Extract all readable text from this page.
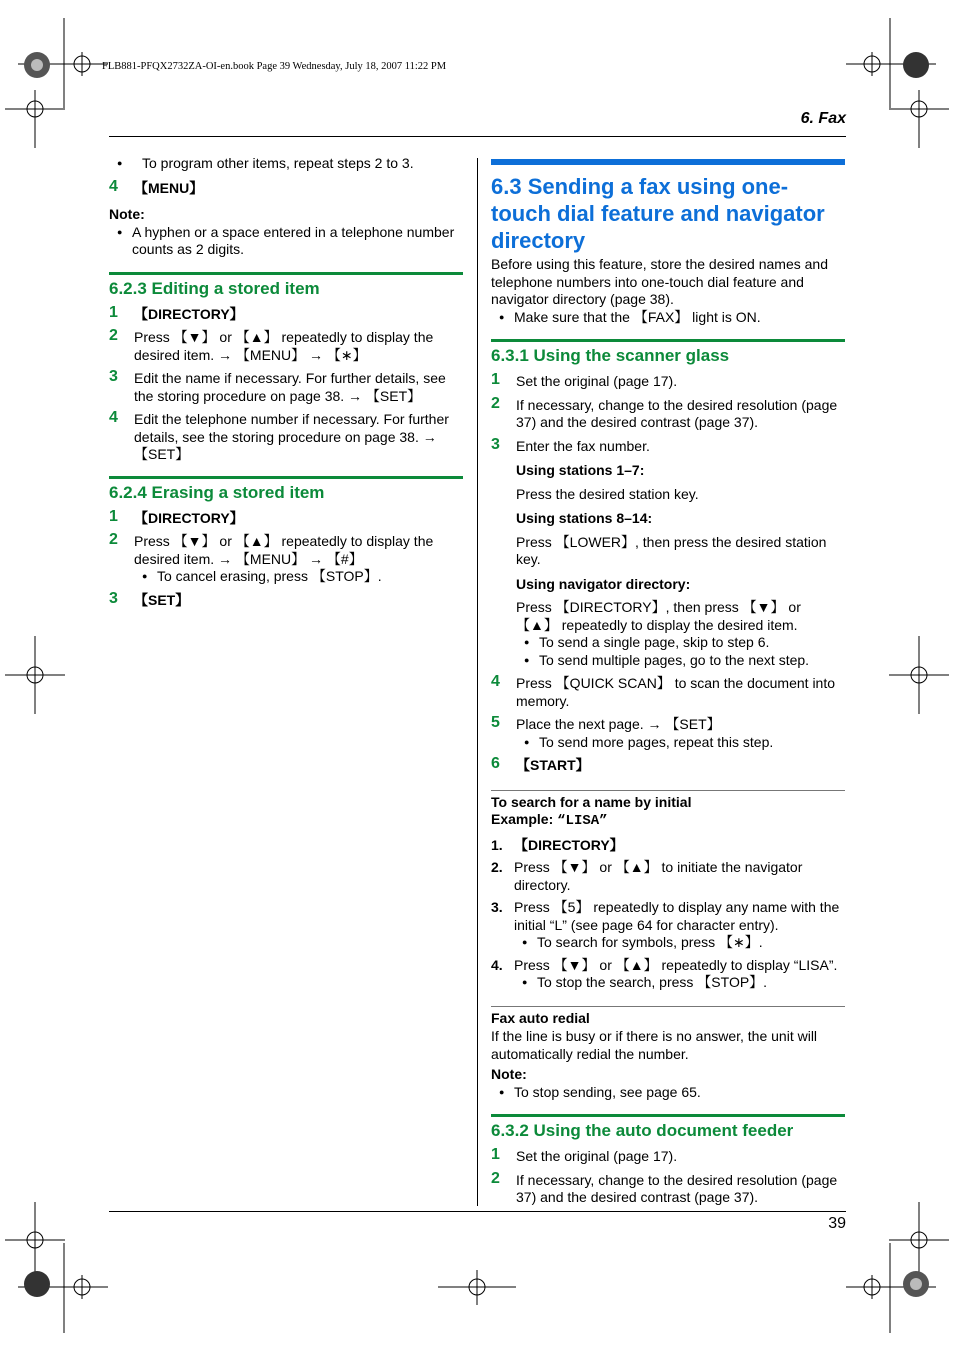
FLB881-PFQX2732ZA-OI-en.book Page 39 Wednesday, July 18, 2007 11:22 PM
6. Fax
● To program other items, repeat steps 2 to 3.
4 【MENU】
Note:
● A hyphen or a space entered in a telephone number counts as 2 digits.
6.2.3 Editing a stored item
1 【DIRECTORY】
2 Press 【▼】 or 【▲】 repeatedly to display the desired item. → 【MENU】 → 【∗】
3 Edit the name if necessary. For further details, see the storing procedure on page 38. → 【SET】
4 Edit the telephone number if necessary. For further details, see the storing procedure on page 38. → 【SET】
6.2.4 Erasing a stored item
1 【DIRECTORY】
2 Press 【▼】 or 【▲】 repeatedly to display the desired item. → 【MENU】 → 【#】
● To cancel erasing, press 【STOP】.
3 【SET】
6.3 Sending a fax using one-touch dial feature and navigator directory
Before using this feature, store the desired names and telephone numbers into one-touch dial feature and navigator directory (page 38).
● Make sure that the 【FAX】 light is ON.
6.3.1 Using the scanner glass
1 Set the original (page 17).
2 If necessary, change to the desired resolution (page 37) and the desired contrast (page 37).
3 Enter the fax number.
Using stations 1–7:
Press the desired station key.
Using stations 8–14:
Press 【LOWER】, then press the desired station key.
Using navigator directory:
Press 【DIRECTORY】, then press 【▼】 or 【▲】 repeatedly to display the desired item.
● To send a single page, skip to step 6.
● To send multiple pages, go to the next step.
4 Press 【QUICK SCAN】 to scan the document into memory.
5 Place the next page. → 【SET】
● To send more pages, repeat this step.
6 【START】
To search for a name by initial
Example: “LISA”
1. 【DIRECTORY】
2. Press 【▼】 or 【▲】 to initiate the navigator directory.
3. Press 【5】 repeatedly to display any name with the initial “L” (see page 64 for character entry).
● To search for symbols, press 【∗】.
4. Press 【▼】 or 【▲】 repeatedly to display “LISA”.
● To stop the search, press 【STOP】.
Fax auto redial
If the line is busy or if there is no answer, the unit will automatically redial the number.
Note:
● To stop sending, see page 65.
6.3.2 Using the auto document feeder
1 Set the original (page 17).
2 If necessary, change to the desired resolution (page 37) and the desired contrast (page 37).
39
